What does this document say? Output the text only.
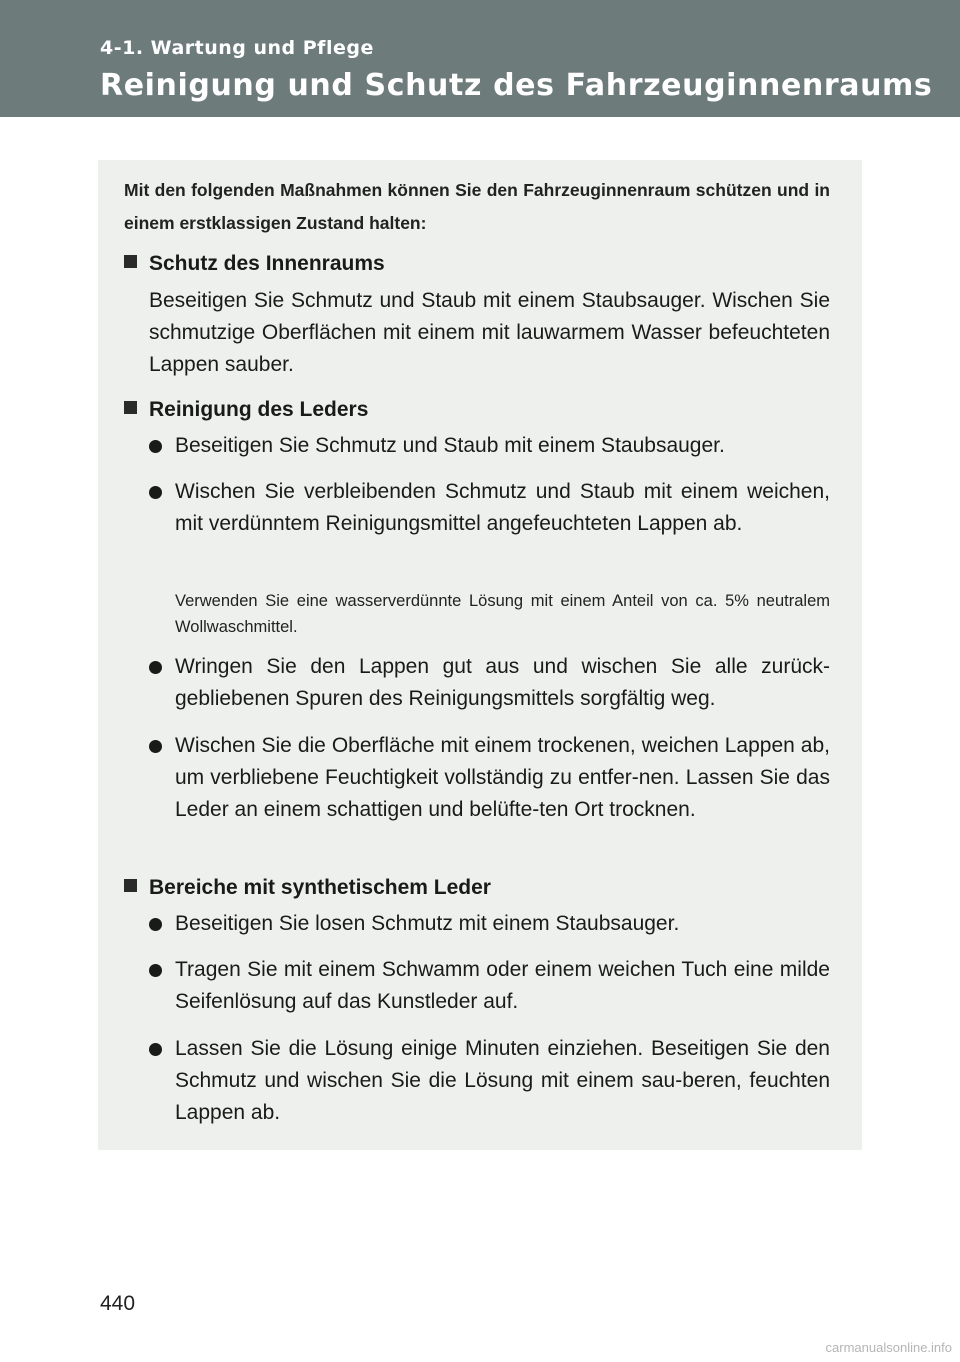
4-1. Wartung und Pflege
Reinigung und Schutz des Fahrzeuginnenraums
Mit den folgenden Maßnahmen können Sie den Fahrzeuginnenraum schützen und in einem erstklassigen Zustand halten:
Schutz des Innenraums
Beseitigen Sie Schmutz und Staub mit einem Staubsauger. Wischen Sie schmutzige Oberflächen mit einem mit lauwarmem Wasser befeuchteten Lappen sauber.
Reinigung des Leders
Beseitigen Sie Schmutz und Staub mit einem Staubsauger.
Wischen Sie verbleibenden Schmutz und Staub mit einem weichen, mit verdünntem Reinigungsmittel angefeuchteten Lappen ab.
Verwenden Sie eine wasserverdünnte Lösung mit einem Anteil von ca. 5% neutralem Wollwaschmittel.
Wringen Sie den Lappen gut aus und wischen Sie alle zurück-gebliebenen Spuren des Reinigungsmittels sorgfältig weg.
Wischen Sie die Oberfläche mit einem trockenen, weichen Lappen ab, um verbliebene Feuchtigkeit vollständig zu entfer-nen. Lassen Sie das Leder an einem schattigen und belüfte-ten Ort trocknen.
Bereiche mit synthetischem Leder
Beseitigen Sie losen Schmutz mit einem Staubsauger.
Tragen Sie mit einem Schwamm oder einem weichen Tuch eine milde Seifenlösung auf das Kunstleder auf.
Lassen Sie die Lösung einige Minuten einziehen. Beseitigen Sie den Schmutz und wischen Sie die Lösung mit einem sau-beren, feuchten Lappen ab.
440
carmanualsonline.info
